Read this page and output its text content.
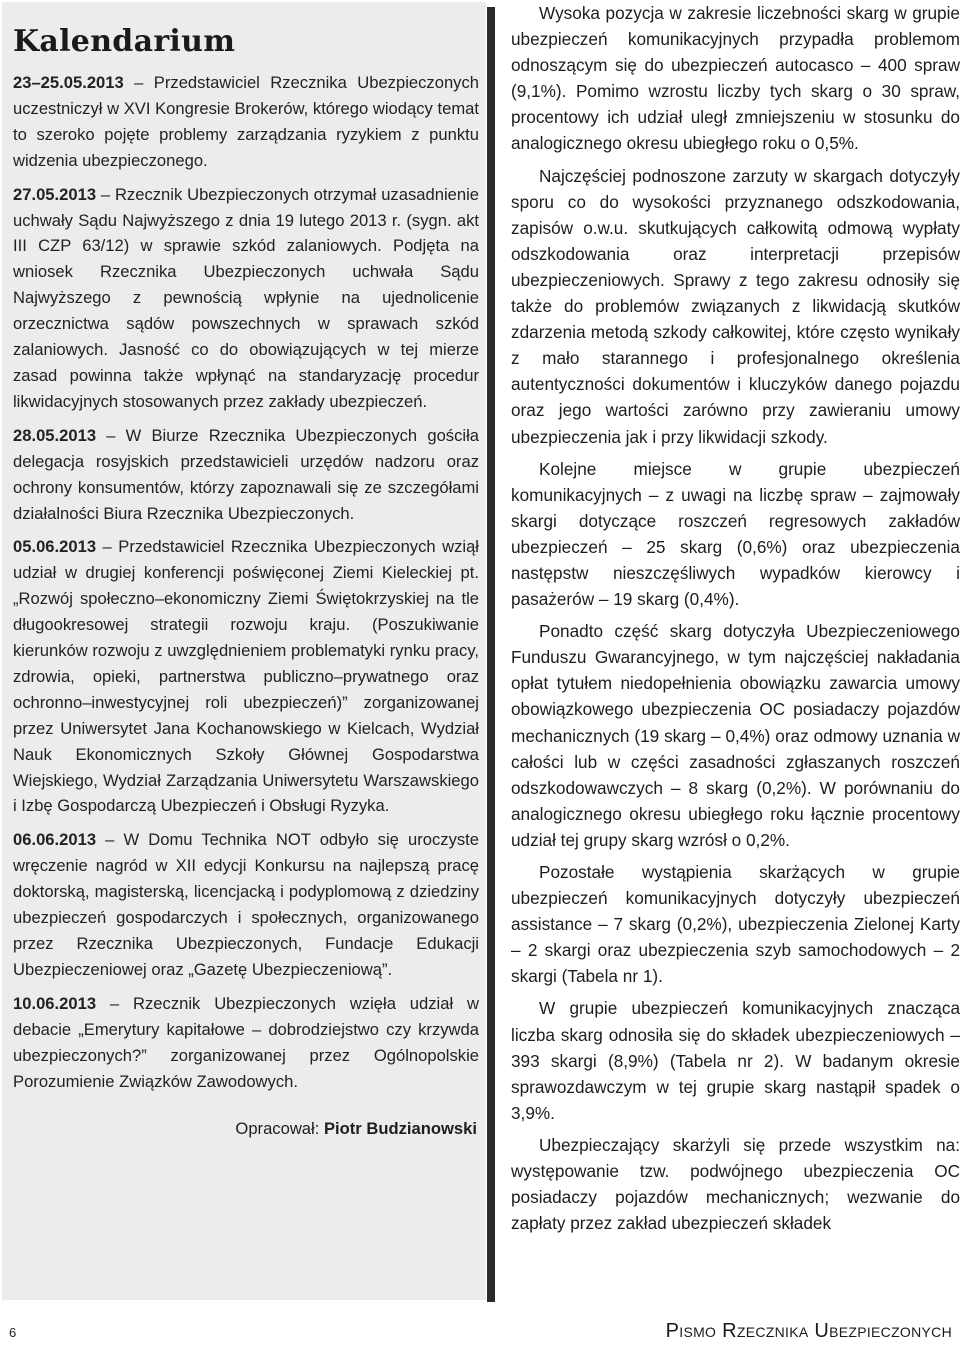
Kalendarium

23–25.05.2013 – Przedstawiciel Rzecznika Ubezpieczonych uczestniczył w XVI Kongresie Brokerów, którego wiodący temat to szeroko pojęte problemy zarządzania ryzykiem z punktu widzenia ubezpieczonego.

27.05.2013 – Rzecznik Ubezpieczonych otrzymał uzasadnienie uchwały Sądu Najwyższego z dnia 19 lutego 2013 r. (sygn. akt III CZP 63/12) w sprawie szkód zalaniowych. Podjęta na wniosek Rzecznika Ubezpieczonych uchwała Sądu Najwyższego z pewnością wpłynie na ujednolicenie orzecznictwa sądów powszechnych w sprawach szkód zalaniowych. Jasność co do obowiązujących w tej mierze zasad powinna także wpłynąć na standaryzację procedur likwidacyjnych stosowanych przez zakłady ubezpieczeń.

28.05.2013 – W Biurze Rzecznika Ubezpieczonych gościła delegacja rosyjskich przedstawicieli urzędów nadzoru oraz ochrony konsumentów, którzy zapoznawali się ze szczegółami działalności Biura Rzecznika Ubezpieczonych.

05.06.2013 – Przedstawiciel Rzecznika Ubezpieczonych wziął udział w drugiej konferencji poświęconej Ziemi Kieleckiej pt. „Rozwój społeczno–ekonomiczny Ziemi Świętokrzyskiej na tle długookresowej strategii rozwoju kraju. (Poszukiwanie kierunków rozwoju z uwzględnieniem problematyki rynku pracy, zdrowia, opieki, partnerstwa publiczno–prywatnego oraz ochronno–inwestycyjnej roli ubezpieczeń)” zorganizowanej przez Uniwersytet Jana Kochanowskiego w Kielcach, Wydział Nauk Ekonomicznych Szkoły Głównej Gospodarstwa Wiejskiego, Wydział Zarządzania Uniwersytetu Warszawskiego i Izbę Gospodarczą Ubezpieczeń i Obsługi Ryzyka.

06.06.2013 – W Domu Technika NOT odbyło się uroczyste wręczenie nagród w XII edycji Konkursu na najlepszą pracę doktorską, magisterską, licencjacką i podyplomową z dziedziny ubezpieczeń gospodarczych i społecznych, organizowanego przez Rzecznika Ubezpieczonych, Fundacje Edukacji Ubezpieczeniowej oraz „Gazetę Ubezpieczeniową”.

10.06.2013 – Rzecznik Ubezpieczonych wzięła udział w debacie „Emerytury kapitałowe – dobrodziejstwo czy krzywda ubezpieczonych?” zorganizowanej przez Ogólnopolskie Porozumienie Związków Zawodowych.

Opracował: Piotr Budzianowski

Wysoka pozycja w zakresie liczebności skarg w grupie ubezpieczeń komunikacyjnych przypadła problemom odnoszącym się do ubezpieczeń autocasco – 400 spraw (9,1%). Pomimo wzrostu liczby tych skarg o 30 spraw, procentowy ich udział uległ zmniejszeniu w stosunku do analogicznego okresu ubiegłego roku o 0,5%.

Najczęściej podnoszone zarzuty w skargach dotyczyły sporu co do wysokości przyznanego odszkodowania, zapisów o.w.u. skutkujących całkowitą odmową wypłaty odszkodowania oraz interpretacji przepisów ubezpieczeniowych. Sprawy z tego zakresu odnosiły się także do problemów związanych z likwidacją skutków zdarzenia metodą szkody całkowitej, które często wynikały z mało starannego i profesjonalnego określenia autentyczności dokumentów i kluczyków danego pojazdu oraz jego wartości zarówno przy zawieraniu umowy ubezpieczenia jak i przy likwidacji szkody.

Kolejne miejsce w grupie ubezpieczeń komunikacyjnych – z uwagi na liczbę spraw – zajmowały skargi dotyczące roszczeń regresowych zakładów ubezpieczeń – 25 skarg (0,6%) oraz ubezpieczenia następstw nieszczęśliwych wypadków kierowcy i pasażerów – 19 skarg (0,4%).

Ponadto część skarg dotyczyła Ubezpieczeniowego Funduszu Gwarancyjnego, w tym najczęściej nakładania opłat tytułem niedopełnienia obowiązku zawarcia umowy obowiązkowego ubezpieczenia OC posiadaczy pojazdów mechanicznych (19 skarg – 0,4%) oraz odmowy uznania w całości lub w części zasadności zgłaszanych roszczeń odszkodowawczych – 8 skarg (0,2%). W porównaniu do analogicznego okresu ubiegłego roku łącznie procentowy udział tej grupy skarg wzrósł o 0,2%.

Pozostałe wystąpienia skarżących w grupie ubezpieczeń komunikacyjnych dotyczyły ubezpieczeń assistance – 7 skarg (0,2%), ubezpieczenia Zielonej Karty – 2 skargi oraz ubezpieczenia szyb samochodowych – 2 skargi (Tabela nr 1).

W grupie ubezpieczeń komunikacyjnych znacząca liczba skarg odnosiła się do składek ubezpieczeniowych – 393 skargi (8,9%) (Tabela nr 2). W badanym okresie sprawozdawczym w tej grupie skarg nastąpił spadek o 3,9%.

Ubezpieczający skarżyli się przede wszystkim na: występowanie tzw. podwójnego ubezpieczenia OC posiadaczy pojazdów mechanicznych; wezwanie do zapłaty przez zakład ubezpieczeń składek

6	Pismo Rzecznika Ubezpieczonych
